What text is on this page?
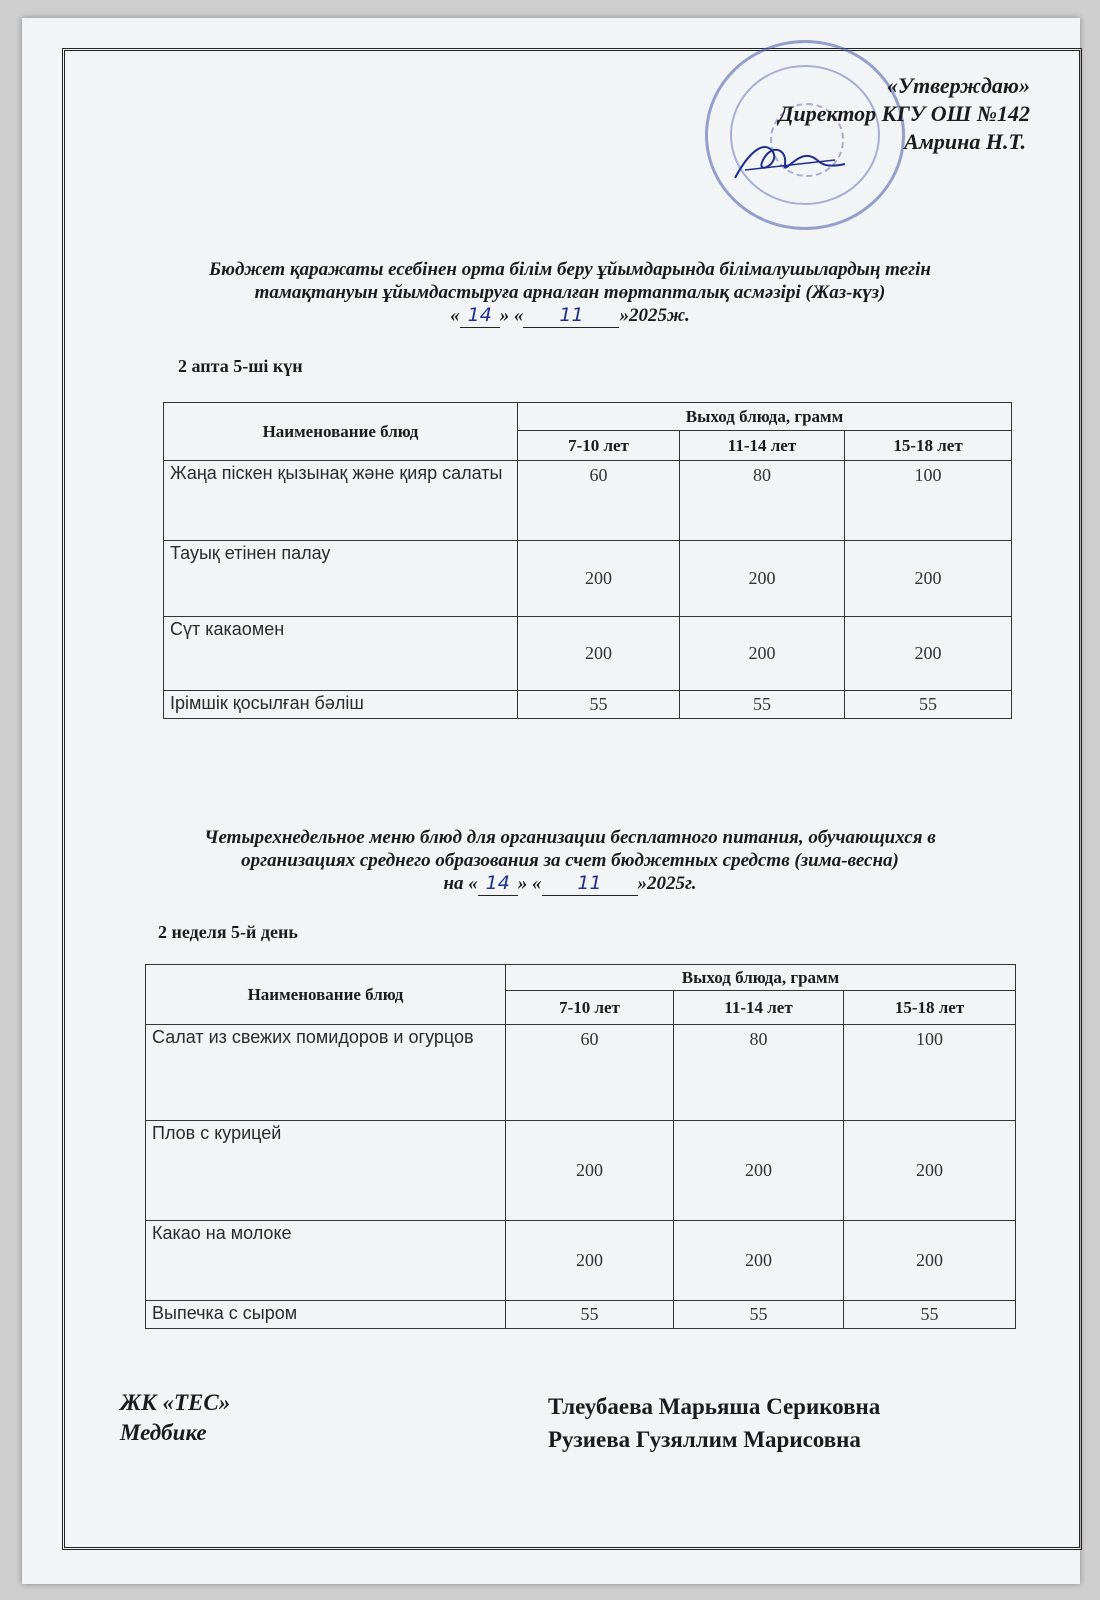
«Утверждаю»
Директор КГУ ОШ №142
Амрина Н.Т.
Бюджет қаражаты есебінен орта білім беру ұйымдарында білімалушылардың тегін
тамақтануын ұйымдастыруға арналған төртапталық асмәзірі (Жаз-күз)
« 14 » « 11 »2025ж.
2 апта 5-ші күн
Наименование блюд	Выход блюда, грамм		
	7-10 лет	11-14 лет	15-18 лет
Жаңа піскен қызынақ және қияр салаты	60	80	100
Тауық етінен палау	200	200	200
Сүт какаомен	200	200	200
Ірімшік қосылған бәліш	55	55	55
Четырехнедельное меню блюд для организации бесплатного питания, обучающихся в
организациях среднего образования за счет бюджетных средств (зима-весна)
на « 14 » « 11 »2025г.
2 неделя 5-й день
Наименование блюд	Выход блюда, грамм		
	7-10 лет	11-14 лет	15-18 лет
Салат из свежих помидоров и огурцов	60	80	100
Плов с курицей	200	200	200
Какао на молоке	200	200	200
Выпечка с сыром	55	55	55
ЖК «ТЕС»
Медбике
Тлеубаева Марьяша Сериковна
Рузиева Гузяллим Марисовна
